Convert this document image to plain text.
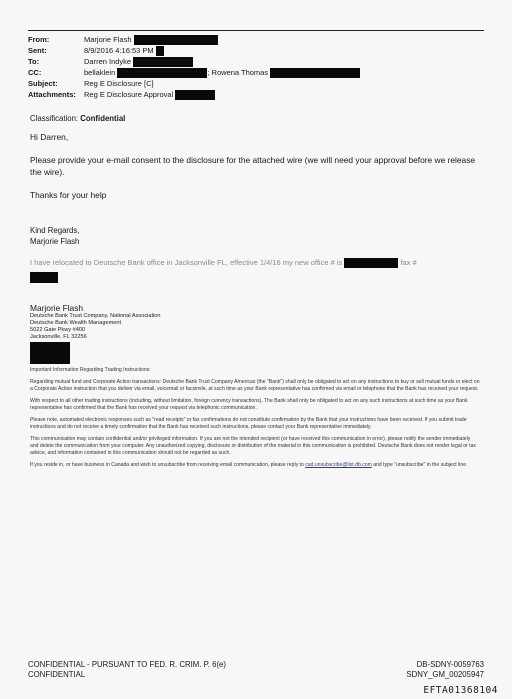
From:	Marjorie Flash
Sent:	8/9/2016 4:16:53 PM
To:	Darren Indyke
CC:	bellaklein	; Rowena Thomas
Subject:	Reg E Disclosure [C]
Attachments:	Reg E Disclosure Approval

Classification: Confidential

Hi Darren,

Please provide your e-mail consent to the disclosure for the attached wire (we will need your approval before we release the wire).

Thanks for your help

Kind Regards,

Marjorie Flash

I have relocated to Deutsche Bank office in Jacksonville FL, effective 1/4/16 my new office # is	fax #
Marjorie Flash
Deutsche Bank Trust Company, National Association
Deutsche Bank Wealth Management
5022 Gate Pkwy #400
Jacksonville, FL 32256
Important Information Regarding Trading Instructions:
Regarding mutual fund and Corporate Action transactions: Deutsche Bank Trust Company Americas (the "Bank") shall only be obligated to act on any instructions to buy or sell mutual funds or elect on a Corporate Action instruction that you deliver via email, voicemail or facsimile, at such time as your Bank representative has confirmed via email or telephone that the Bank has received your request.
With respect to all other trading instructions (including, without limitation, foreign currency transactions), The Bank shall only be obligated to act on any such instructions at such time as your Bank representative has confirmed that the Bank has received your request via telephonic communication.
Please note, automated electronic responses such as "read receipts" or fax confirmations do not constitute confirmation by the Bank that your instructions have been received. If you submit trade instructions and do not receive a timely confirmation that the Bank has received such instructions, please contact your Bank representative immediately.
This communication may contain confidential and/or privileged information. If you are not the intended recipient (or have received this communication in error), please notify the sender immediately and delete the communication from your computer. Any unauthorized copying, disclosure or distribution of the material in this communication is prohibited. Deutsche Bank does not render legal or tax advice, and information contained in this communication should not be regarded as such.
If you reside in, or have business in Canada and wish to unsubscribe from receiving email communication, please reply to cad.unsubscribe@list.db.com and type "unsubscribe" in the subject line.
CONFIDENTIAL - PURSUANT TO FED. R. CRIM. P. 6(e)
CONFIDENTIAL
DB-SDNY-0059763
SDNY_GM_00205947
EFTA01368104
